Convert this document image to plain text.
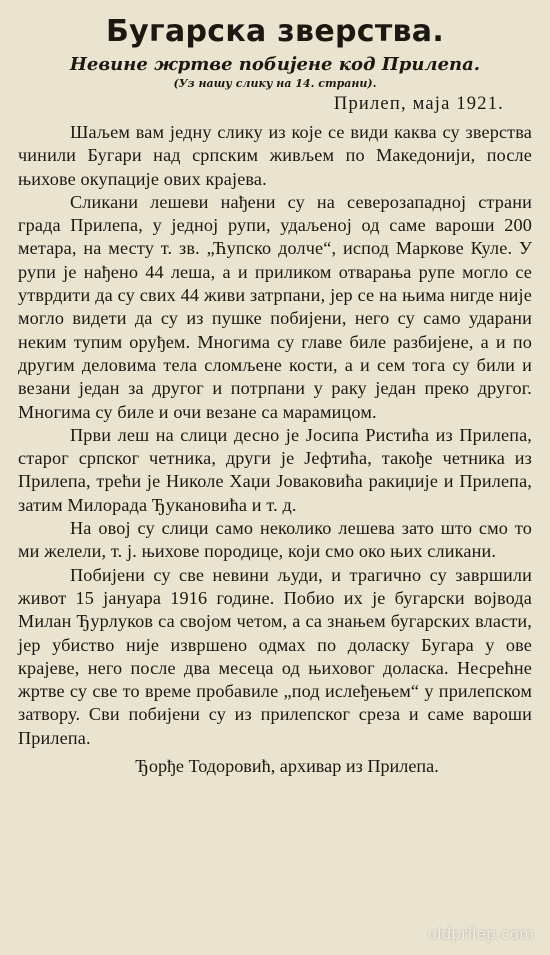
Бугарска зверства.
Невине жртве побијене код Прилепа.
(Уз нашу слику на 14. страни).
Прилеп, маја 1921.

Шаљем вам једну слику из које се види каква су зверства чинили Бугари над српским живљем по Македонији, после њихове окупације ових крајева.

Сликани лешеви нађени су на северозападној страни града Прилепа, у једној рупи, удаљеној од саме вароши 200 метара, на месту т. зв. „Ћупско долче“, испод Маркове Куле. У рупи је нађено 44 леша, а и приликом отварања рупе могло се утврдити да су свих 44 живи затрпани, јер се на њима нигде није могло видети да су из пушке побијени, него су само ударани неким тупим оруђем. Многима су главе биле разбијене, а и по другим деловима тела сломљене кости, а и сем тога су били и везани један за другог и потрпани у раку један преко другог. Многима су биле и очи везане са марамицом.

Први леш на слици десно је Јосипа Ристића из Прилепа, старог српског четника, други је Јефтића, такође четника из Прилепа, трећи је Николе Хаџи Јоваковића ракиџије и Прилепа, затим Милорада Ђукановића и т. д.

На овој су слици само неколико лешева зато што смо то ми желели, т. ј. њихове породице, који смо око њих сликани.

Побијени су све невини људи, и трагично су завршили живот 15 јануара 1916 године. Побио их је бугарски војвода Милан Ђурлуков са својом четом, а са знањем бугарских власти, јер убиство није извршено одмах по доласку Бугара у ове крајеве, него после два месеца од њиховог доласка. Несрећне жртве су све то време пробавиле „под ислеђењем“ у прилепском затвору. Сви побијени су из прилепског среза и саме вароши Прилепа.

Ђорђе Тодоровић, архивар из Прилепа.
oldprilep.com
